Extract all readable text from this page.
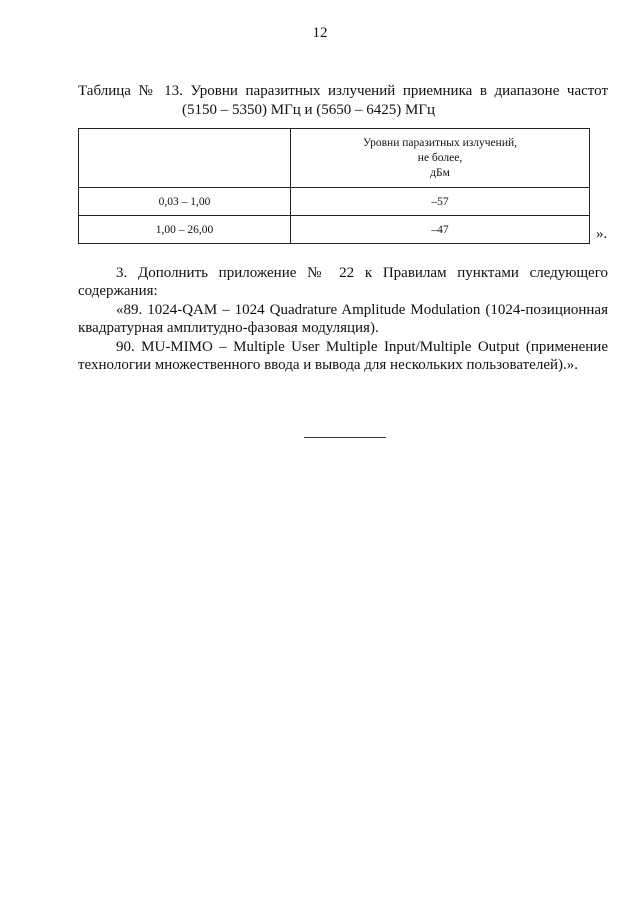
12
Таблица № 13. Уровни паразитных излучений приемника в диапазоне частот
(5150 – 5350) МГц и (5650 – 6425) МГц

	Уровни паразитных излучений,
не более,
дБм

0,03 – 1,00	–57
1,00 – 26,00	–47	».

3. Дополнить приложение № 22 к Правилам пунктами следующего содержания:

«89. 1024-QAM – 1024 Quadrature Amplitude Modulation (1024-позиционная квадратурная амплитудно-фазовая модуляция).

90. MU-MIMO – Multiple User Multiple Input/Multiple Output (применение технологии множественного ввода и вывода для нескольких пользователей).».
